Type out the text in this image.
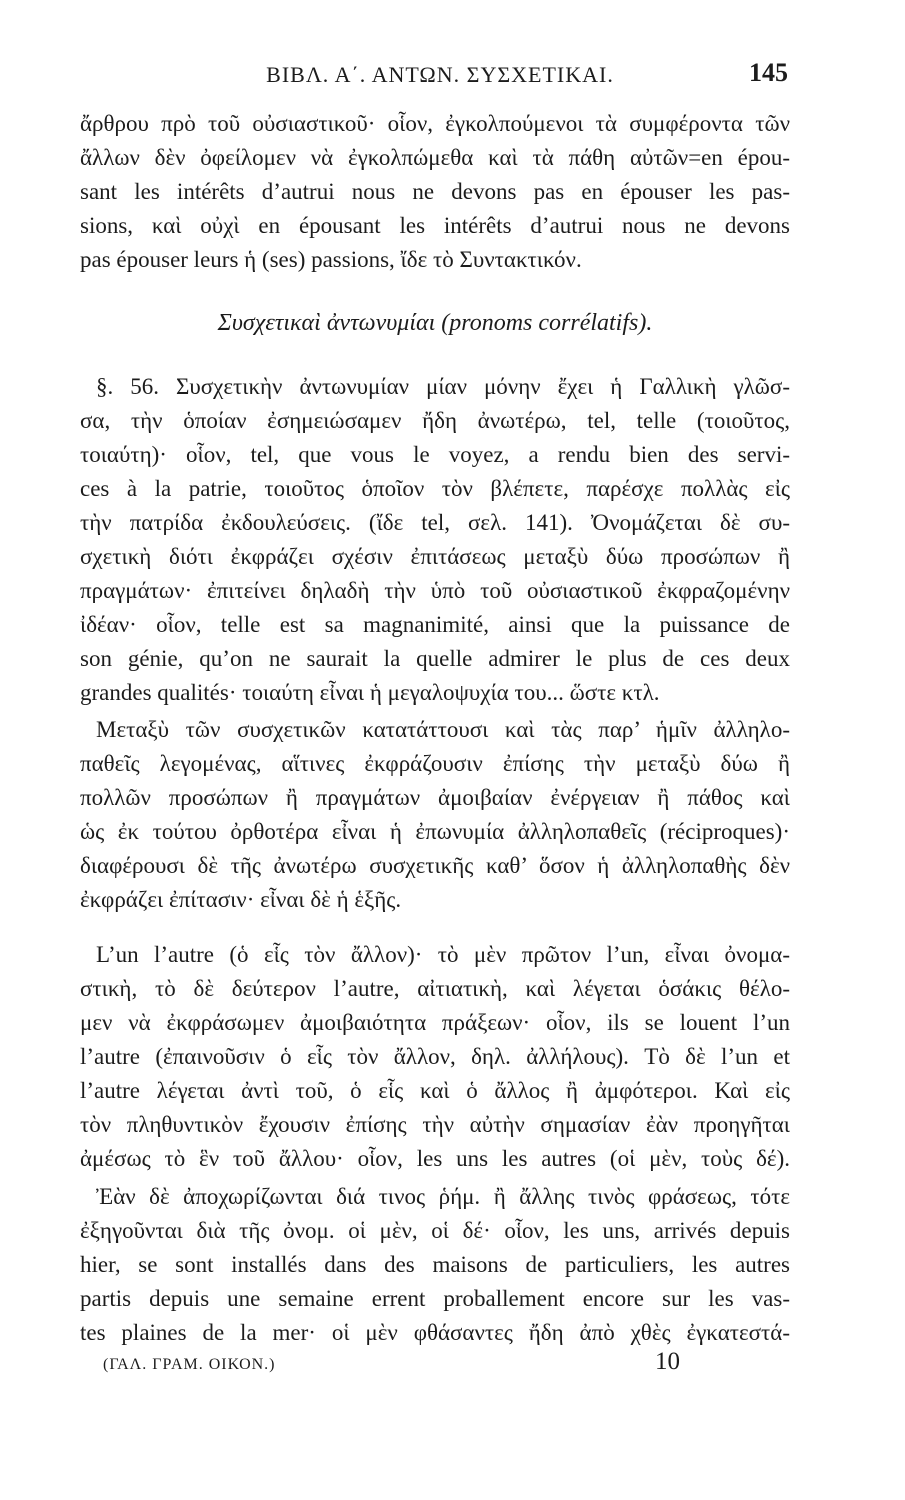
ΒΙΒΛ. Α΄. ΑΝΤΩΝ. ΣΥΣΧΕΤΙΚΑΙ.	145
ἄρθρου πρὸ τοῦ οὐσιαστικοῦ· οἷον, ἐγκολπούμενοι τὰ συμφέροντα τῶν
ἄλλων δὲν ὀφείλομεν νὰ ἐγκολπώμεθα καὶ τὰ πάθη αὐτῶν=en épou-
sant les intérêts d’autrui nous ne devons pas en épouser les pas-
sions, καὶ οὐχὶ en épousant les intérêts d’autrui nous ne devons
pas épouser leurs ἡ (ses) passions, ἴδε τὸ Συντακτικόν.
Συσχετικαὶ ἀντωνυμίαι (pronoms corrélatifs).
§. 56. Συσχετικὴν ἀντωνυμίαν μίαν μόνην ἔχει ἡ Γαλλικὴ γλῶσ-
σα, τὴν ὁποίαν ἐσημειώσαμεν ἤδη ἀνωτέρω, tel, telle (τοιοῦτος,
τοιαύτη)· οἷον, tel, que vous le voyez, a rendu bien des servi-
ces à la patrie, τοιοῦτος ὁποῖον τὸν βλέπετε, παρέσχε πολλὰς εἰς
τὴν πατρίδα ἐκδουλεύσεις. (ἴδε tel, σελ. 141). Ὀνομάζεται δὲ συ-
σχετικὴ διότι ἐκφράζει σχέσιν ἐπιτάσεως μεταξὺ δύω προσώπων ἢ
πραγμάτων· ἐπιτείνει δηλαδὴ τὴν ὑπὸ τοῦ οὐσιαστικοῦ ἐκφραζομένην
ἰδέαν· οἷον, telle est sa magnanimité, ainsi que la puissance de
son génie, qu’on ne saurait la quelle admirer le plus de ces deux
grandes qualités· τοιαύτη εἶναι ἡ μεγαλοψυχία του... ὥστε κτλ.
Μεταξὺ τῶν συσχετικῶν κατατάττουσι καὶ τὰς παρ’ ἡμῖν ἀλληλο-
παθεῖς λεγομένας, αἵτινες ἐκφράζουσιν ἐπίσης τὴν μεταξὺ δύω ἢ
πολλῶν προσώπων ἢ πραγμάτων ἀμοιβαίαν ἐνέργειαν ἢ πάθος καὶ
ὡς ἐκ τούτου ὀρθοτέρα εἶναι ἡ ἐπωνυμία ἀλληλοπαθεῖς (réciproques)·
διαφέρουσι δὲ τῆς ἀνωτέρω συσχετικῆς καθ’ ὅσον ἡ ἀλληλοπαθὴς δὲν
ἐκφράζει ἐπίτασιν· εἶναι δὲ ἡ ἑξῆς.
L’un l’autre (ὁ εἷς τὸν ἄλλον)· τὸ μὲν πρῶτον l’un, εἶναι ὀνομα-
στικὴ, τὸ δὲ δεύτερον l’autre, αἰτιατικὴ, καὶ λέγεται ὁσάκις θέλο-
μεν νὰ ἐκφράσωμεν ἀμοιβαιότητα πράξεων· οἷον, ils se louent l’un
l’autre (ἐπαινοῦσιν ὁ εἷς τὸν ἄλλον, δηλ. ἀλλήλους). Τὸ δὲ l’un et
l’autre λέγεται ἀντὶ τοῦ, ὁ εἷς καὶ ὁ ἄλλος ἢ ἀμφότεροι. Καὶ εἰς
τὸν πληθυντικὸν ἔχουσιν ἐπίσης τὴν αὐτὴν σημασίαν ἐὰν προηγῆται
ἀμέσως τὸ ἓν τοῦ ἄλλου· οἷον, les uns les autres (οἱ μὲν, τοὺς δέ).
Ἐὰν δὲ ἀποχωρίζωνται διά τινος ῥήμ. ἢ ἄλλης τινὸς φράσεως, τότε
ἐξηγοῦνται διὰ τῆς ὀνομ. οἱ μὲν, οἱ δέ· οἷον, les uns, arrivés depuis
hier, se sont installés dans des maisons de particuliers, les autres
partis depuis une semaine errent proballement encore sur les vas-
tes plaines de la mer· οἱ μὲν φθάσαντες ἤδη ἀπὸ χθὲς ἐγκατεστά-
(ΓΑΛ. ΓΡΑΜ. ΟΙΚΟΝ.)	10
